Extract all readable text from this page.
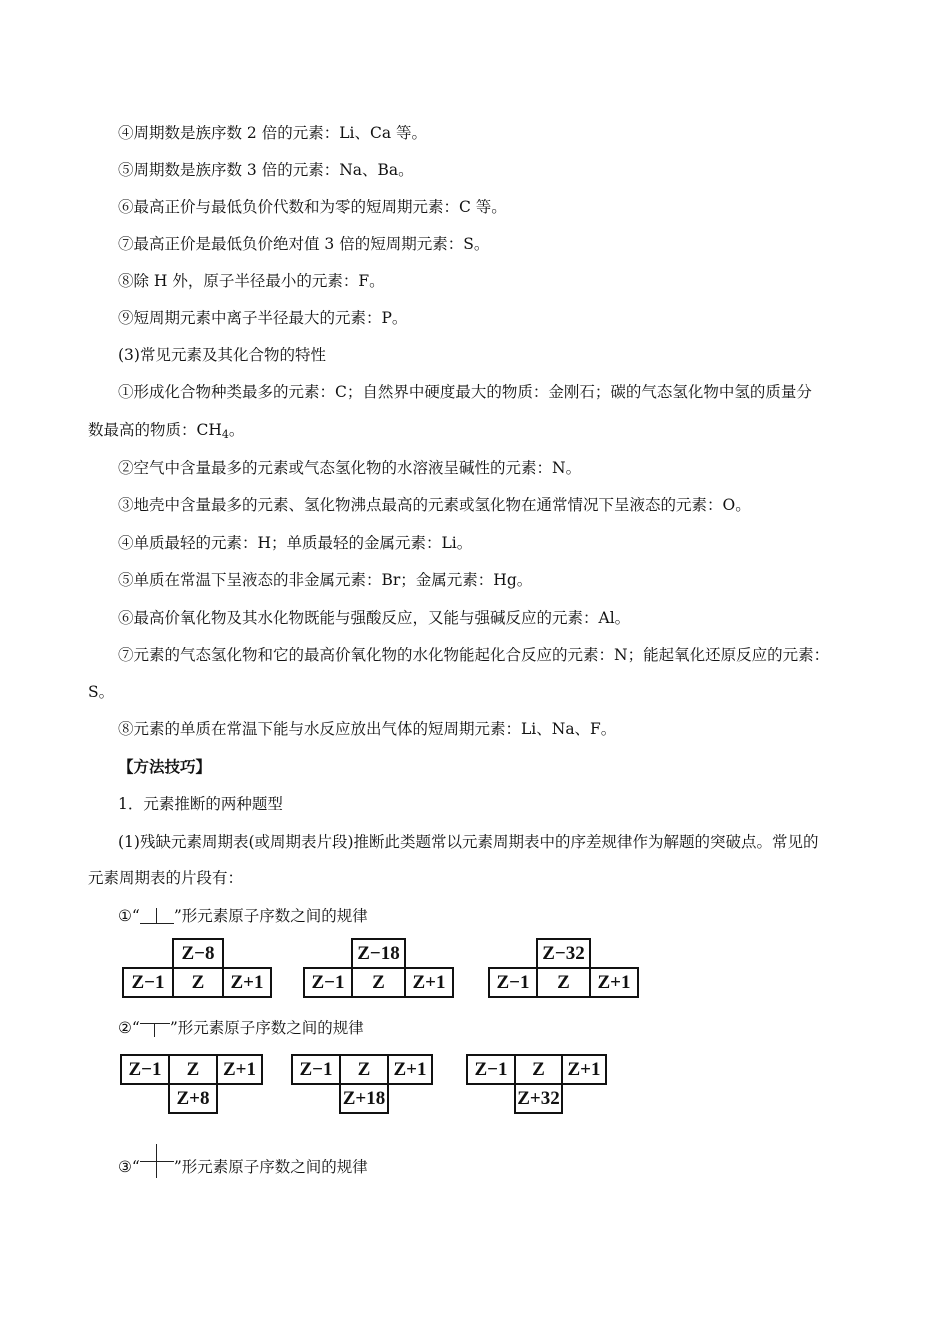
④周期数是族序数 2 倍的元素：Li、Ca 等。
⑤周期数是族序数 3 倍的元素：Na、Ba。
⑥最高正价与最低负价代数和为零的短周期元素：C 等。
⑦最高正价是最低负价绝对值 3 倍的短周期元素：S。
⑧除 H 外，原子半径最小的元素：F。
⑨短周期元素中离子半径最大的元素：P。
(3)常见元素及其化合物的特性
①形成化合物种类最多的元素：C；自然界中硬度最大的物质：金刚石；碳的气态氢化物中氢的质量分
数最高的物质：$CH_4$。
②空气中含量最多的元素或气态氢化物的水溶液呈碱性的元素：N。
③地壳中含量最多的元素、氢化物沸点最高的元素或氢化物在通常情况下呈液态的元素：O。
④单质最轻的元素：H；单质最轻的金属元素：Li。
⑤单质在常温下呈液态的非金属元素：Br；金属元素：Hg。
⑥最高价氧化物及其水化物既能与强酸反应，又能与强碱反应的元素：Al。
⑦元素的气态氢化物和它的最高价氧化物的水化物能起化合反应的元素：N；能起氧化还原反应的元素：
S。
⑧元素的单质在常温下能与水反应放出气体的短周期元素：Li、Na、F。
【方法技巧】
1．元素推断的两种题型
(1)残缺元素周期表(或周期表片段)推断此类题常以元素周期表中的序差规律作为解题的突破点。常见的
元素周期表的片段有：
①“ ”形元素原子序数之间的规律
Z−8
Z−1	Z	Z+1
Z−18
Z−1	Z	Z+1
Z−32
Z−1	Z	Z+1
②“ ”形元素原子序数之间的规律
Z−1	Z	Z+1
Z+8
Z−1	Z	Z+1
Z+18
Z−1	Z	Z+1
Z+32
③“ ”形元素原子序数之间的规律
